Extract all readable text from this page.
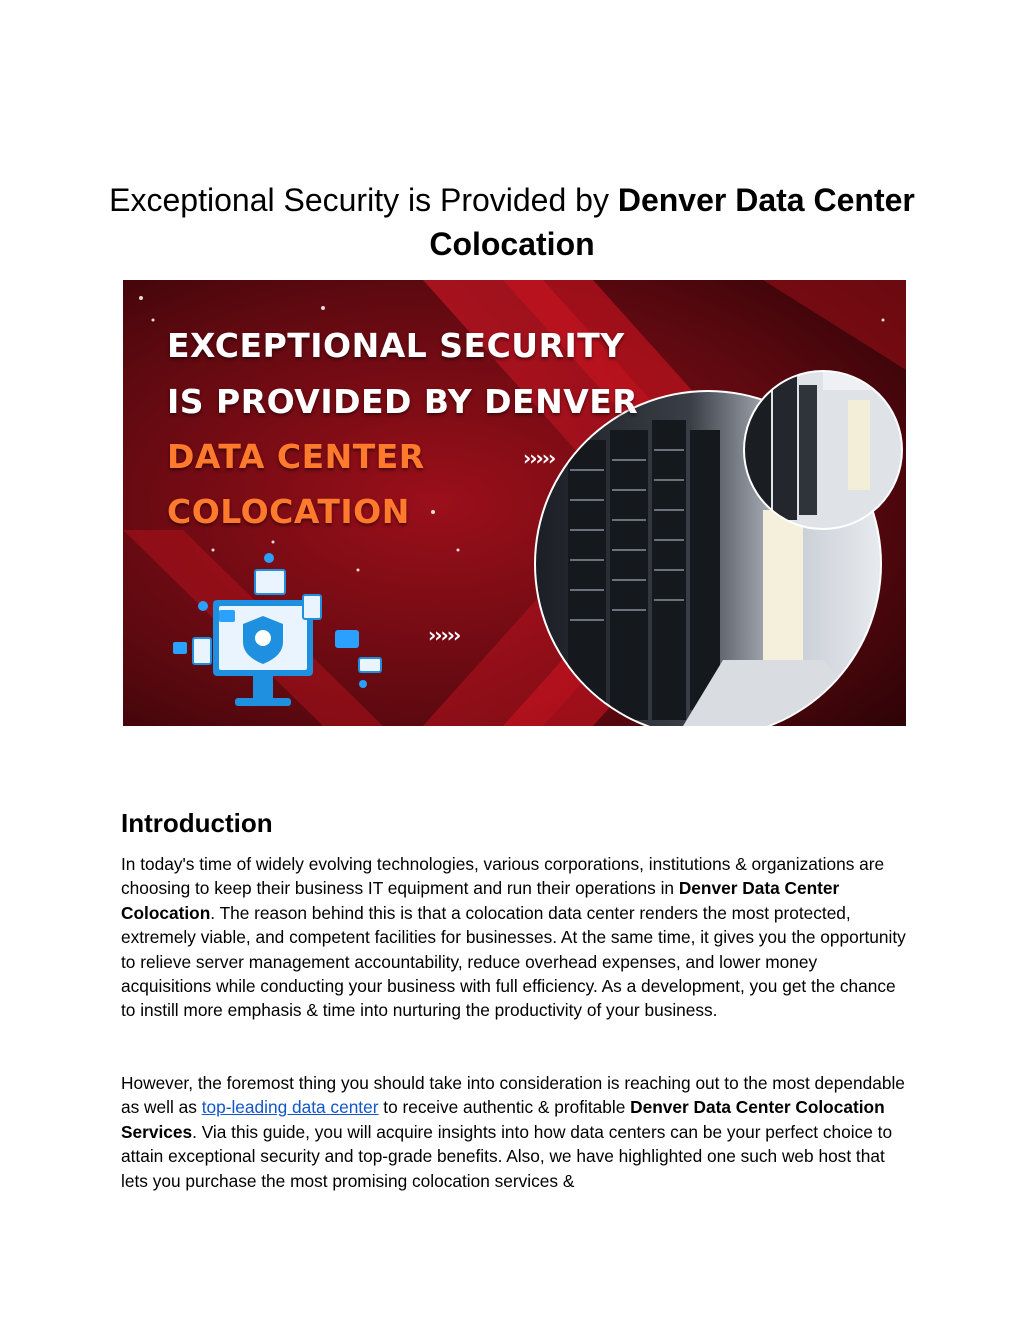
Exceptional Security is Provided by Denver Data Center Colocation
EXCEPTIONAL SECURITY
IS PROVIDED BY DENVER
DATA CENTER
COLOCATION
›››››
›››››
Introduction

In today's time of widely evolving technologies, various corporations, institutions & organizations are choosing to keep their business IT equipment and run their operations in Denver Data Center Colocation. The reason behind this is that a colocation data center renders the most protected, extremely viable, and competent facilities for businesses. At the same time, it gives you the opportunity to relieve server management accountability, reduce overhead expenses, and lower money acquisitions while conducting your business with full efficiency. As a development, you get the chance to instill more emphasis & time into nurturing the productivity of your business.

However, the foremost thing you should take into consideration is reaching out to the most dependable as well as top-leading data center to receive authentic & profitable Denver Data Center Colocation Services. Via this guide, you will acquire insights into how data centers can be your perfect choice to attain exceptional security and top-grade benefits. Also, we have highlighted one such web host that lets you purchase the most promising colocation services &
